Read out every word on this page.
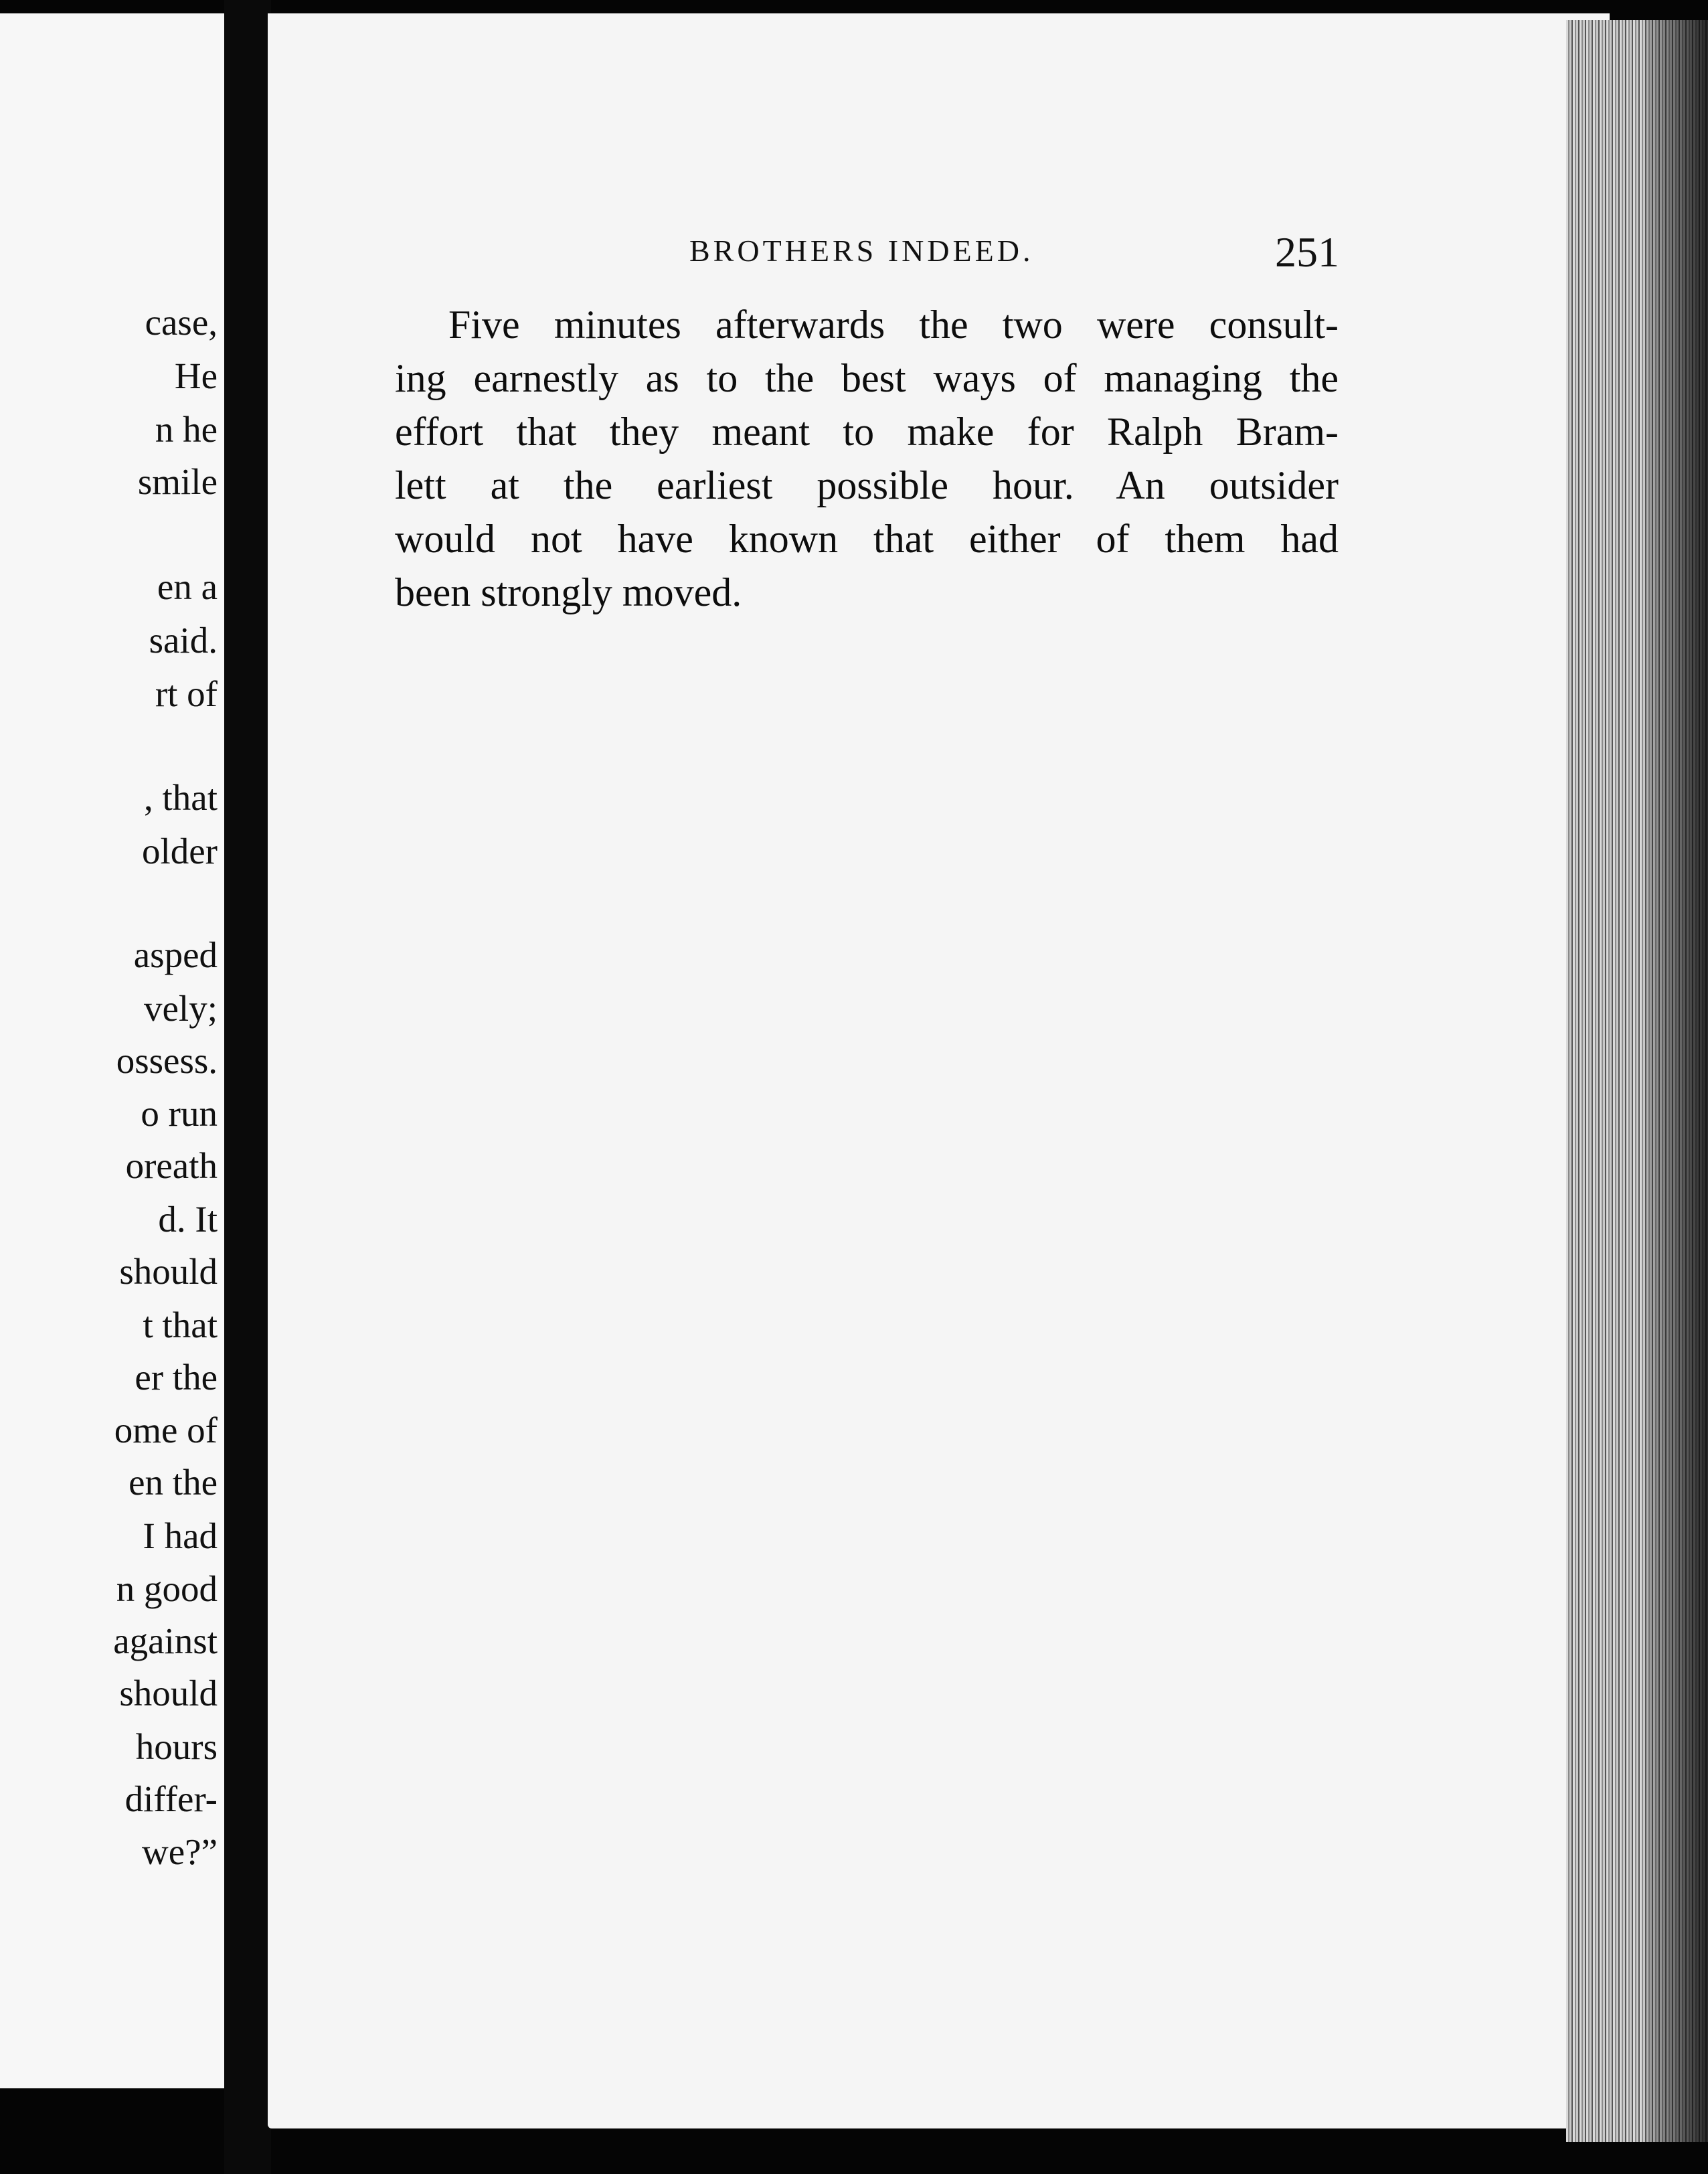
case,
He
n he
smile
en a
said.
rt of
, that
older
asped
vely;
ossess.
o run
oreath
d. It
should
t that
er the
ome of
en the
I had
n good
against
should
hours
differ-
we?”
BROTHERS INDEED.	251
Five minutes afterwards the two were consult-
ing earnestly as to the best ways of managing the
effort that they meant to make for Ralph Bram-
lett at the earliest possible hour. An outsider
would not have known that either of them had
been strongly moved.
